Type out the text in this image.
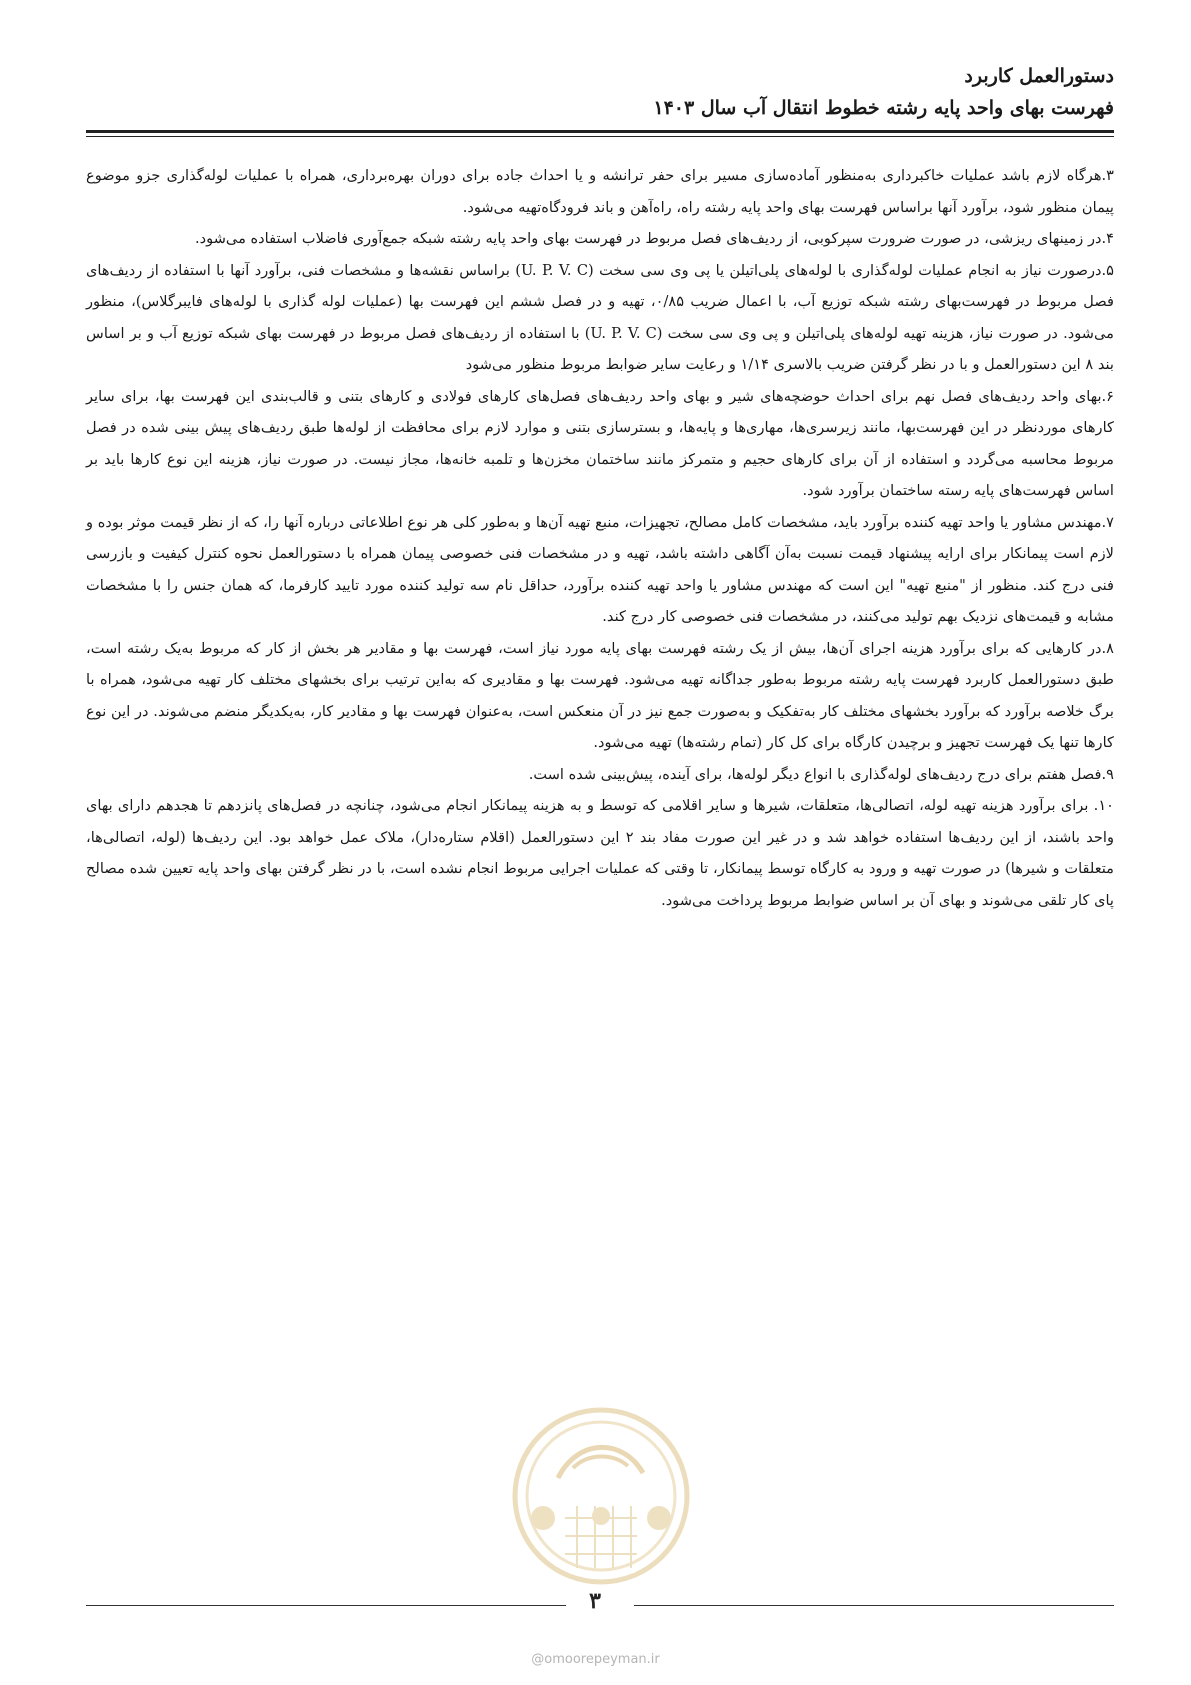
دستورالعمل کاربرد
فهرست بهای واحد پایه رشته خطوط انتقال آب سال ۱۴۰۳

۳.هرگاه لازم باشد عملیات خاکبرداری به‌منظور آماده‌سازی مسیر برای حفر ترانشه و یا احداث جاده برای دوران بهره‌برداری، همراه با عملیات لوله‌گذاری جزو موضوع پیمان منظور شود، برآورد آنها براساس فهرست بهای واحد پایه رشته راه، راه‌آهن و باند فرودگاه‌تهیه می‌شود.

۴.در زمینهای ریزشی، در صورت ضرورت سپرکوبی، از ردیف‌های فصل مربوط در فهرست بهای واحد پایه رشته شبکه جمع‌آوری فاضلاب استفاده می‌شود.

۵.درصورت نیاز به انجام عملیات لوله‌گذاری با لوله‌های پلی‌اتیلن یا پی وی سی سخت (U. P. V. C) براساس نقشه‌ها و مشخصات فنی، برآورد آنها با استفاده از ردیف‌های فصل مربوط در فهرست‌بهای رشته شبکه توزیع آب، با اعمال ضریب ۰/۸۵، تهیه و در فصل ششم این فهرست بها (عملیات لوله گذاری با لوله‌های فایبرگلاس)، منظور می‌شود. در صورت نیاز، هزینه تهیه لوله‌های پلی‌اتیلن و پی وی سی سخت (U. P. V. C) با استفاده از ردیف‌های فصل مربوط در فهرست بهای شبکه توزیع آب و بر اساس بند ۸ این دستورالعمل و با در نظر گرفتن ضریب بالاسری ۱/۱۴ و رعایت سایر ضوابط مربوط منظور می‌شود

۶.بهای واحد ردیف‌های فصل نهم برای احداث حوضچه‌های شیر و بهای واحد ردیف‌های فصل‌های کارهای فولادی و کارهای بتنی و قالب‌بندی این فهرست بها، برای سایر کارهای موردنظر در این فهرست‌بها، مانند زیرسری‌ها، مهاری‌ها و پایه‌ها، و بسترسازی بتنی و موارد لازم برای محافظت از لوله‌ها طبق ردیف‌های پیش بینی شده در فصل مربوط محاسبه می‌گردد و استفاده از آن برای کارهای حجیم و متمرکز مانند ساختمان مخزن‌ها و تلمبه خانه‌ها، مجاز نیست. در صورت نیاز، هزینه این نوع کارها باید بر اساس فهرست‌های پایه رسته ساختمان برآورد شود.

۷.مهندس مشاور یا واحد تهیه کننده برآورد باید، مشخصات کامل مصالح، تجهیزات، منبع تهیه آن‌ها و به‌طور کلی هر نوع اطلاعاتی درباره آنها را، که از نظر قیمت موثر بوده و لازم است پیمانکار برای ارایه پیشنهاد قیمت نسبت به‌آن آگاهی داشته باشد، تهیه و در مشخصات فنی خصوصی پیمان همراه با دستورالعمل نحوه کنترل کیفیت و بازرسی فنی درج کند. منظور از "منبع تهیه" این است که مهندس مشاور یا واحد تهیه کننده برآورد، حداقل نام سه تولید کننده مورد تایید کارفرما، که همان جنس را با مشخصات مشابه و قیمت‌های نزدیک بهم تولید می‌کنند، در مشخصات فنی خصوصی کار درج کند.

۸.در کارهایی که برای برآورد هزینه اجرای آن‌ها، بیش از یک رشته فهرست بهای پایه مورد نیاز است، فهرست بها و مقادیر هر بخش از کار که مربوط به‌یک رشته است، طبق دستورالعمل کاربرد فهرست پایه رشته مربوط به‌طور جداگانه تهیه می‌شود. فهرست بها و مقادیری که به‌این ترتیب برای بخشهای مختلف کار تهیه می‌شود، همراه با برگ خلاصه برآورد که برآورد بخشهای مختلف کار به‌تفکیک و به‌صورت جمع نیز در آن منعکس است، به‌عنوان فهرست بها و مقادیر کار، به‌یکدیگر منضم می‌شوند. در این نوع کارها تنها یک فهرست تجهیز و برچیدن کارگاه برای کل کار (تمام رشته‌ها) تهیه می‌شود.

۹.فصل هفتم برای درج ردیف‌های لوله‌گذاری با انواع دیگر لوله‌ها، برای آینده، پیش‌بینی شده است.

۱۰. برای برآورد هزینه تهیه لوله، اتصالی‌ها، متعلقات، شیرها و سایر اقلامی که توسط و به هزینه پیمانکار انجام می‌شود، چنانچه در فصل‌های پانزدهم تا هجدهم دارای بهای واحد باشند، از این ردیف‌ها استفاده خواهد شد و در غیر این صورت مفاد بند ۲ این دستورالعمل (اقلام ستاره‌دار)، ملاک عمل خواهد بود. این ردیف‌ها (لوله، اتصالی‌ها، متعلقات و شیرها) در صورت تهیه و ورود به کارگاه توسط پیمانکار، تا وقتی که عملیات اجرایی مربوط انجام نشده است، با در نظر گرفتن بهای واحد پایه تعیین شده مصالح پای کار تلقی می‌شوند و بهای آن بر اساس ضوابط مربوط پرداخت می‌شود.

۳
@omoorepeyman.ir
